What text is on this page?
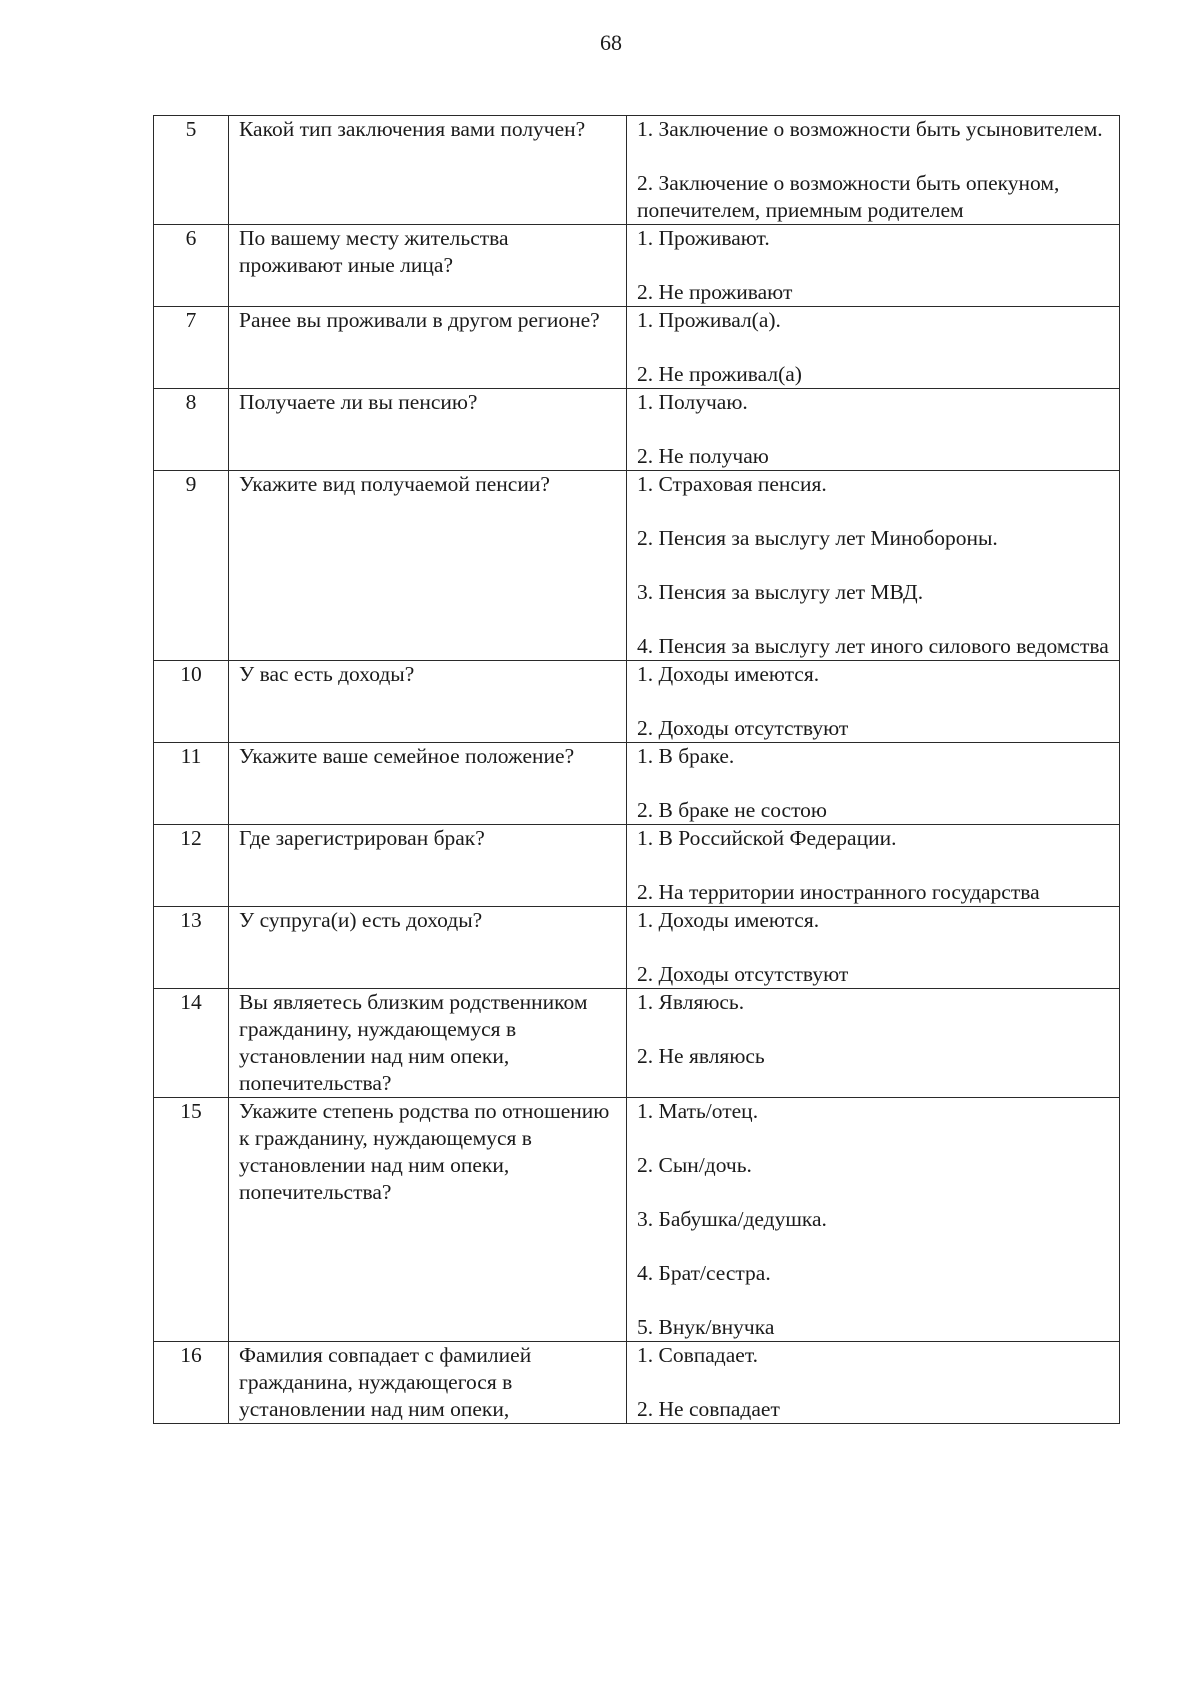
68
5	Какой тип заключения вами получен?	1. Заключение о возможности быть усыновителем.
2. Заключение о возможности быть опекуном, попечителем, приемным родителем

6	По вашему месту жительства проживают иные лица?	1. Проживают.
2. Не проживают

7	Ранее вы проживали в другом регионе?	1. Проживал(а).
2. Не проживал(а)

8	Получаете ли вы пенсию?	1. Получаю.
2. Не получаю

9	Укажите вид получаемой пенсии?	1. Страховая пенсия.
2. Пенсия за выслугу лет Минобороны.
3. Пенсия за выслугу лет МВД.
4. Пенсия за выслугу лет иного силового ведомства

10	У вас есть доходы?	1. Доходы имеются.
2. Доходы отсутствуют

11	Укажите ваше семейное положение?	1. В браке.
2. В браке не состою

12	Где зарегистрирован брак?	1. В Российской Федерации.
2. На территории иностранного государства

13	У супруга(и) есть доходы?	1. Доходы имеются.
2. Доходы отсутствуют

14	Вы являетесь близким родственником гражданину, нуждающемуся в установлении над ним опеки, попечительства?	1. Являюсь.
2. Не являюсь

15	Укажите степень родства по отношению к гражданину, нуждающемуся в установлении над ним опеки, попечительства?	1. Мать/отец.
2. Сын/дочь.
3. Бабушка/дедушка.
4. Брат/сестра.
5. Внук/внучка

16	Фамилия совпадает с фамилией гражданина, нуждающегося в установлении над ним опеки,	1. Совпадает.
2. Не совпадает
